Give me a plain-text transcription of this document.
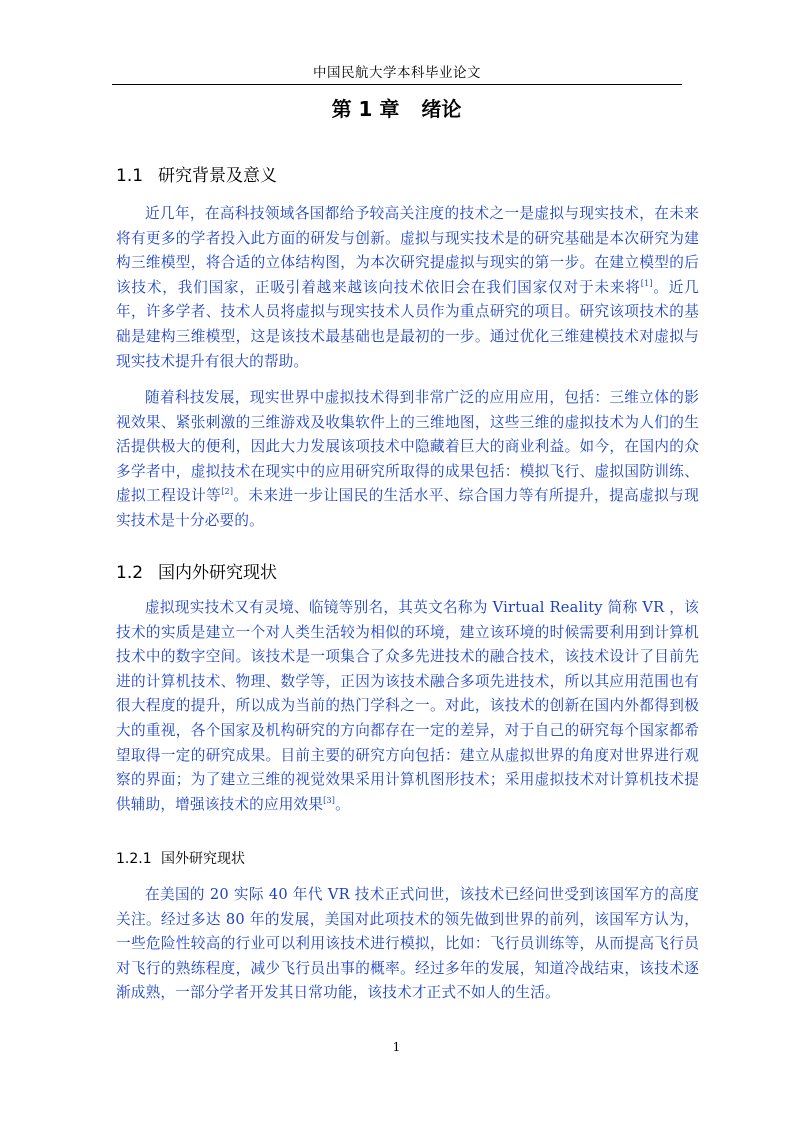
中国民航大学本科毕业论文
第 1 章 绪论
1.1 研究背景及意义

近几年，在高科技领域各国都给予较高关注度的技术之一是虚拟与现实技术，在未来将有更多的学者投入此方面的研发与创新。虚拟与现实技术是的研究基础是本次研究为建构三维模型，将合适的立体结构图，为本次研究提虚拟与现实的第一步。在建立模型的后该技术，我们国家，正吸引着越来越该向技术依旧会在我们国家仅对于未来将[1]。近几年，许多学者、技术人员将虚拟与现实技术人员作为重点研究的项目。研究该项技术的基础是建构三维模型，这是该技术最基础也是最初的一步。通过优化三维建模技术对虚拟与现实技术提升有很大的帮助。

随着科技发展，现实世界中虚拟技术得到非常广泛的应用应用，包括：三维立体的影视效果、紧张刺激的三维游戏及收集软件上的三维地图，这些三维的虚拟技术为人们的生活提供极大的便利，因此大力发展该项技术中隐藏着巨大的商业利益。如今，在国内的众多学者中，虚拟技术在现实中的应用研究所取得的成果包括：模拟飞行、虚拟国防训练、虚拟工程设计等[2]。未来进一步让国民的生活水平、综合国力等有所提升，提高虚拟与现实技术是十分必要的。

1.2 国内外研究现状

虚拟现实技术又有灵境、临镜等别名，其英文名称为 Virtual Reality 简称 VR ，该技术的实质是建立一个对人类生活较为相似的环境，建立该环境的时候需要利用到计算机技术中的数字空间。该技术是一项集合了众多先进技术的融合技术，该技术设计了目前先进的计算机技术、物理、数学等，正因为该技术融合多项先进技术，所以其应用范围也有很大程度的提升，所以成为当前的热门学科之一。对此，该技术的创新在国内外都得到极大的重视，各个国家及机构研究的方向都存在一定的差异，对于自己的研究每个国家都希望取得一定的研究成果。目前主要的研究方向包括：建立从虚拟世界的角度对世界进行观察的界面；为了建立三维的视觉效果采用计算机图形技术；采用虚拟技术对计算机技术提供辅助，增强该技术的应用效果[3]。

1.2.1 国外研究现状

在美国的 20 实际 40 年代 VR 技术正式问世，该技术已经问世受到该国军方的高度关注。经过多达 80 年的发展，美国对此项技术的领先做到世界的前列，该国军方认为，一些危险性较高的行业可以利用该技术进行模拟，比如：飞行员训练等，从而提高飞行员对飞行的熟练程度，减少飞行员出事的概率。经过多年的发展，知道冷战结束，该技术逐渐成熟，一部分学者开发其日常功能，该技术才正式不如人的生活。

1
